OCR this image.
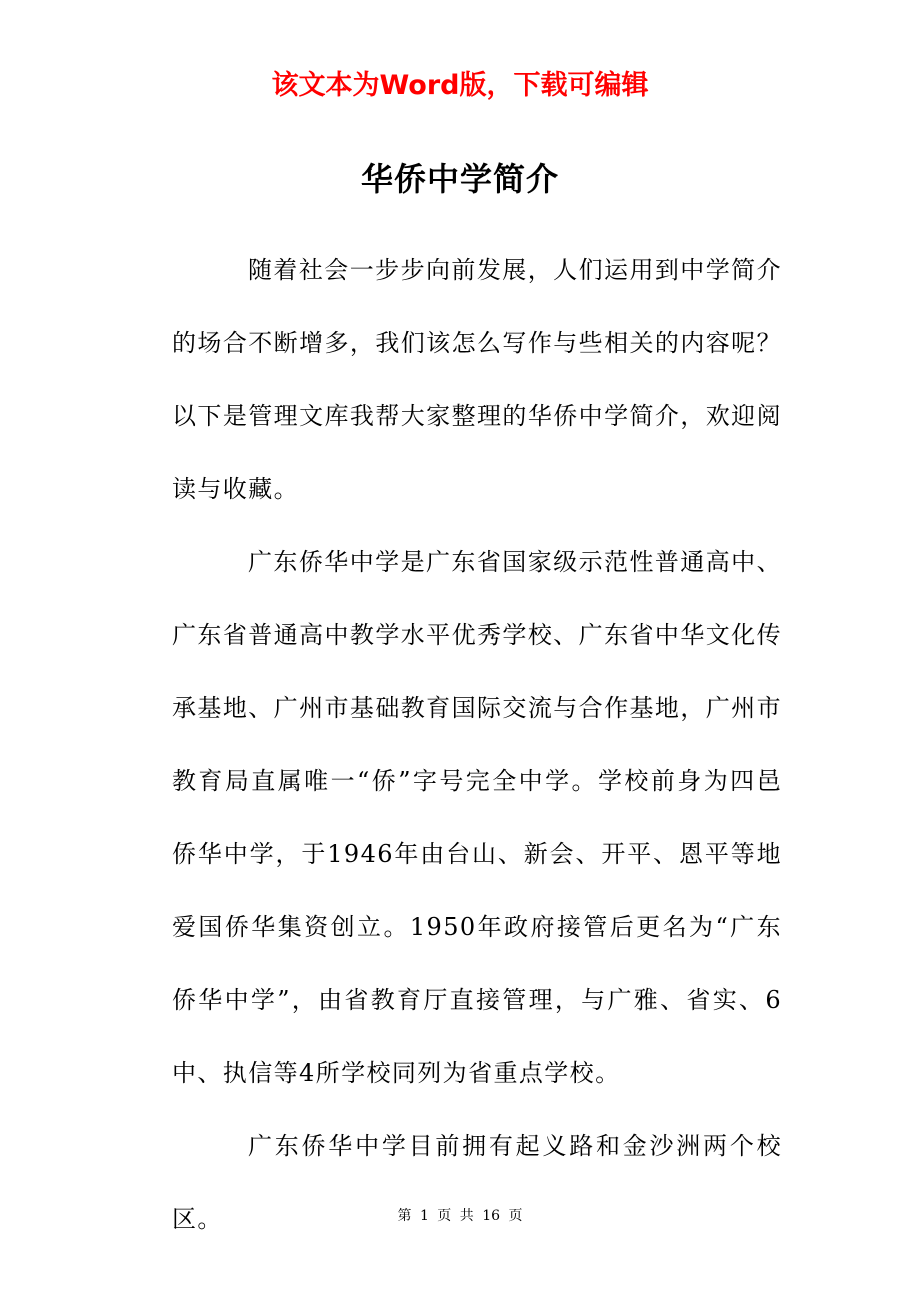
该文本为Word版，下载可编辑
华侨中学简介

随着社会一步步向前发展，人们运用到中学简介的场合不断增多，我们该怎么写作与些相关的内容呢？以下是管理文库我帮大家整理的华侨中学简介，欢迎阅读与收藏。

广东侨华中学是广东省国家级示范性普通高中、广东省普通高中教学水平优秀学校、广东省中华文化传承基地、广州市基础教育国际交流与合作基地，广州市教育局直属唯一“侨”字号完全中学。学校前身为四邑侨华中学，于1946年由台山、新会、开平、恩平等地爱国侨华集资创立。1950年政府接管后更名为“广东侨华中学”，由省教育厅直接管理，与广雅、省实、6中、执信等4所学校同列为省重点学校。

广东侨华中学目前拥有起义路和金沙洲两个校区。	第 1 页 共 16 页
